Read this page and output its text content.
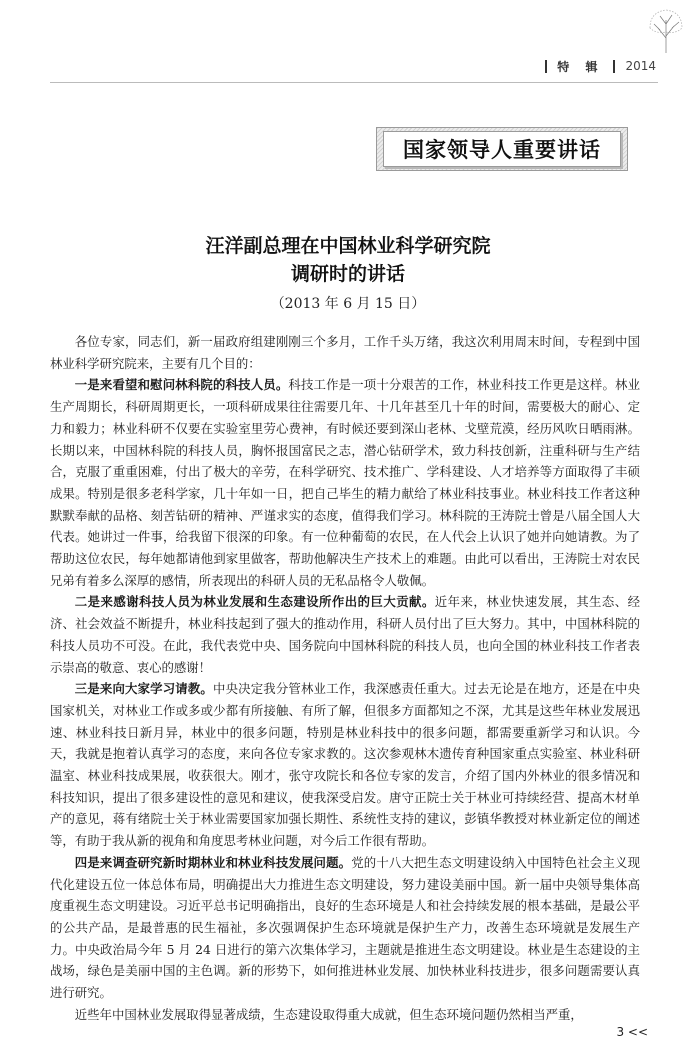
特 辑 2014
国家领导人重要讲话
汪洋副总理在中国林业科学研究院
调研时的讲话
（2013 年 6 月 15 日）

各位专家，同志们，新一届政府组建刚刚三个多月，工作千头万绪，我这次利用周末时间，专程到中国林业科学研究院来，主要有几个目的：

一是来看望和慰问林科院的科技人员。科技工作是一项十分艰苦的工作，林业科技工作更是这样。林业生产周期长，科研周期更长，一项科研成果往往需要几年、十几年甚至几十年的时间，需要极大的耐心、定力和毅力；林业科研不仅要在实验室里劳心费神，有时候还要到深山老林、戈壁荒漠，经历风吹日晒雨淋。长期以来，中国林科院的科技人员，胸怀报国富民之志，潜心钻研学术，致力科技创新，注重科研与生产结合，克服了重重困难，付出了极大的辛劳，在科学研究、技术推广、学科建设、人才培养等方面取得了丰硕成果。特别是很多老科学家，几十年如一日，把自己毕生的精力献给了林业科技事业。林业科技工作者这种默默奉献的品格、刻苦钻研的精神、严谨求实的态度，值得我们学习。林科院的王涛院士曾是八届全国人大代表。她讲过一件事，给我留下很深的印象。有一位种葡萄的农民，在人代会上认识了她并向她请教。为了帮助这位农民，每年她都请他到家里做客，帮助他解决生产技术上的难题。由此可以看出，王涛院士对农民兄弟有着多么深厚的感情，所表现出的科研人员的无私品格令人敬佩。

二是来感谢科技人员为林业发展和生态建设所作出的巨大贡献。近年来，林业快速发展，其生态、经济、社会效益不断提升，林业科技起到了强大的推动作用，科研人员付出了巨大努力。其中，中国林科院的科技人员功不可没。在此，我代表党中央、国务院向中国林科院的科技人员，也向全国的林业科技工作者表示崇高的敬意、衷心的感谢！

三是来向大家学习请教。中央决定我分管林业工作，我深感责任重大。过去无论是在地方，还是在中央国家机关，对林业工作或多或少都有所接触、有所了解，但很多方面都知之不深，尤其是这些年林业发展迅速、林业科技日新月异，林业中的很多问题，特别是林业科技中的很多问题，都需要重新学习和认识。今天，我就是抱着认真学习的态度，来向各位专家求教的。这次参观林木遗传育种国家重点实验室、林业科研温室、林业科技成果展，收获很大。刚才，张守攻院长和各位专家的发言，介绍了国内外林业的很多情况和科技知识，提出了很多建设性的意见和建议，使我深受启发。唐守正院士关于林业可持续经营、提高木材单产的意见，蒋有绪院士关于林业需要国家加强长期性、系统性支持的建议，彭镇华教授对林业新定位的阐述等，有助于我从新的视角和角度思考林业问题，对今后工作很有帮助。

四是来调查研究新时期林业和林业科技发展问题。党的十八大把生态文明建设纳入中国特色社会主义现代化建设五位一体总体布局，明确提出大力推进生态文明建设，努力建设美丽中国。新一届中央领导集体高度重视生态文明建设。习近平总书记明确指出，良好的生态环境是人和社会持续发展的根本基础，是最公平的公共产品，是最普惠的民生福祉，多次强调保护生态环境就是保护生产力，改善生态环境就是发展生产力。中央政治局今年 5 月 24 日进行的第六次集体学习，主题就是推进生态文明建设。林业是生态建设的主战场，绿色是美丽中国的主色调。新的形势下，如何推进林业发展、加快林业科技进步，很多问题需要认真进行研究。

近些年中国林业发展取得显著成绩，生态建设取得重大成就，但生态环境问题仍然相当严重，

3 <<
